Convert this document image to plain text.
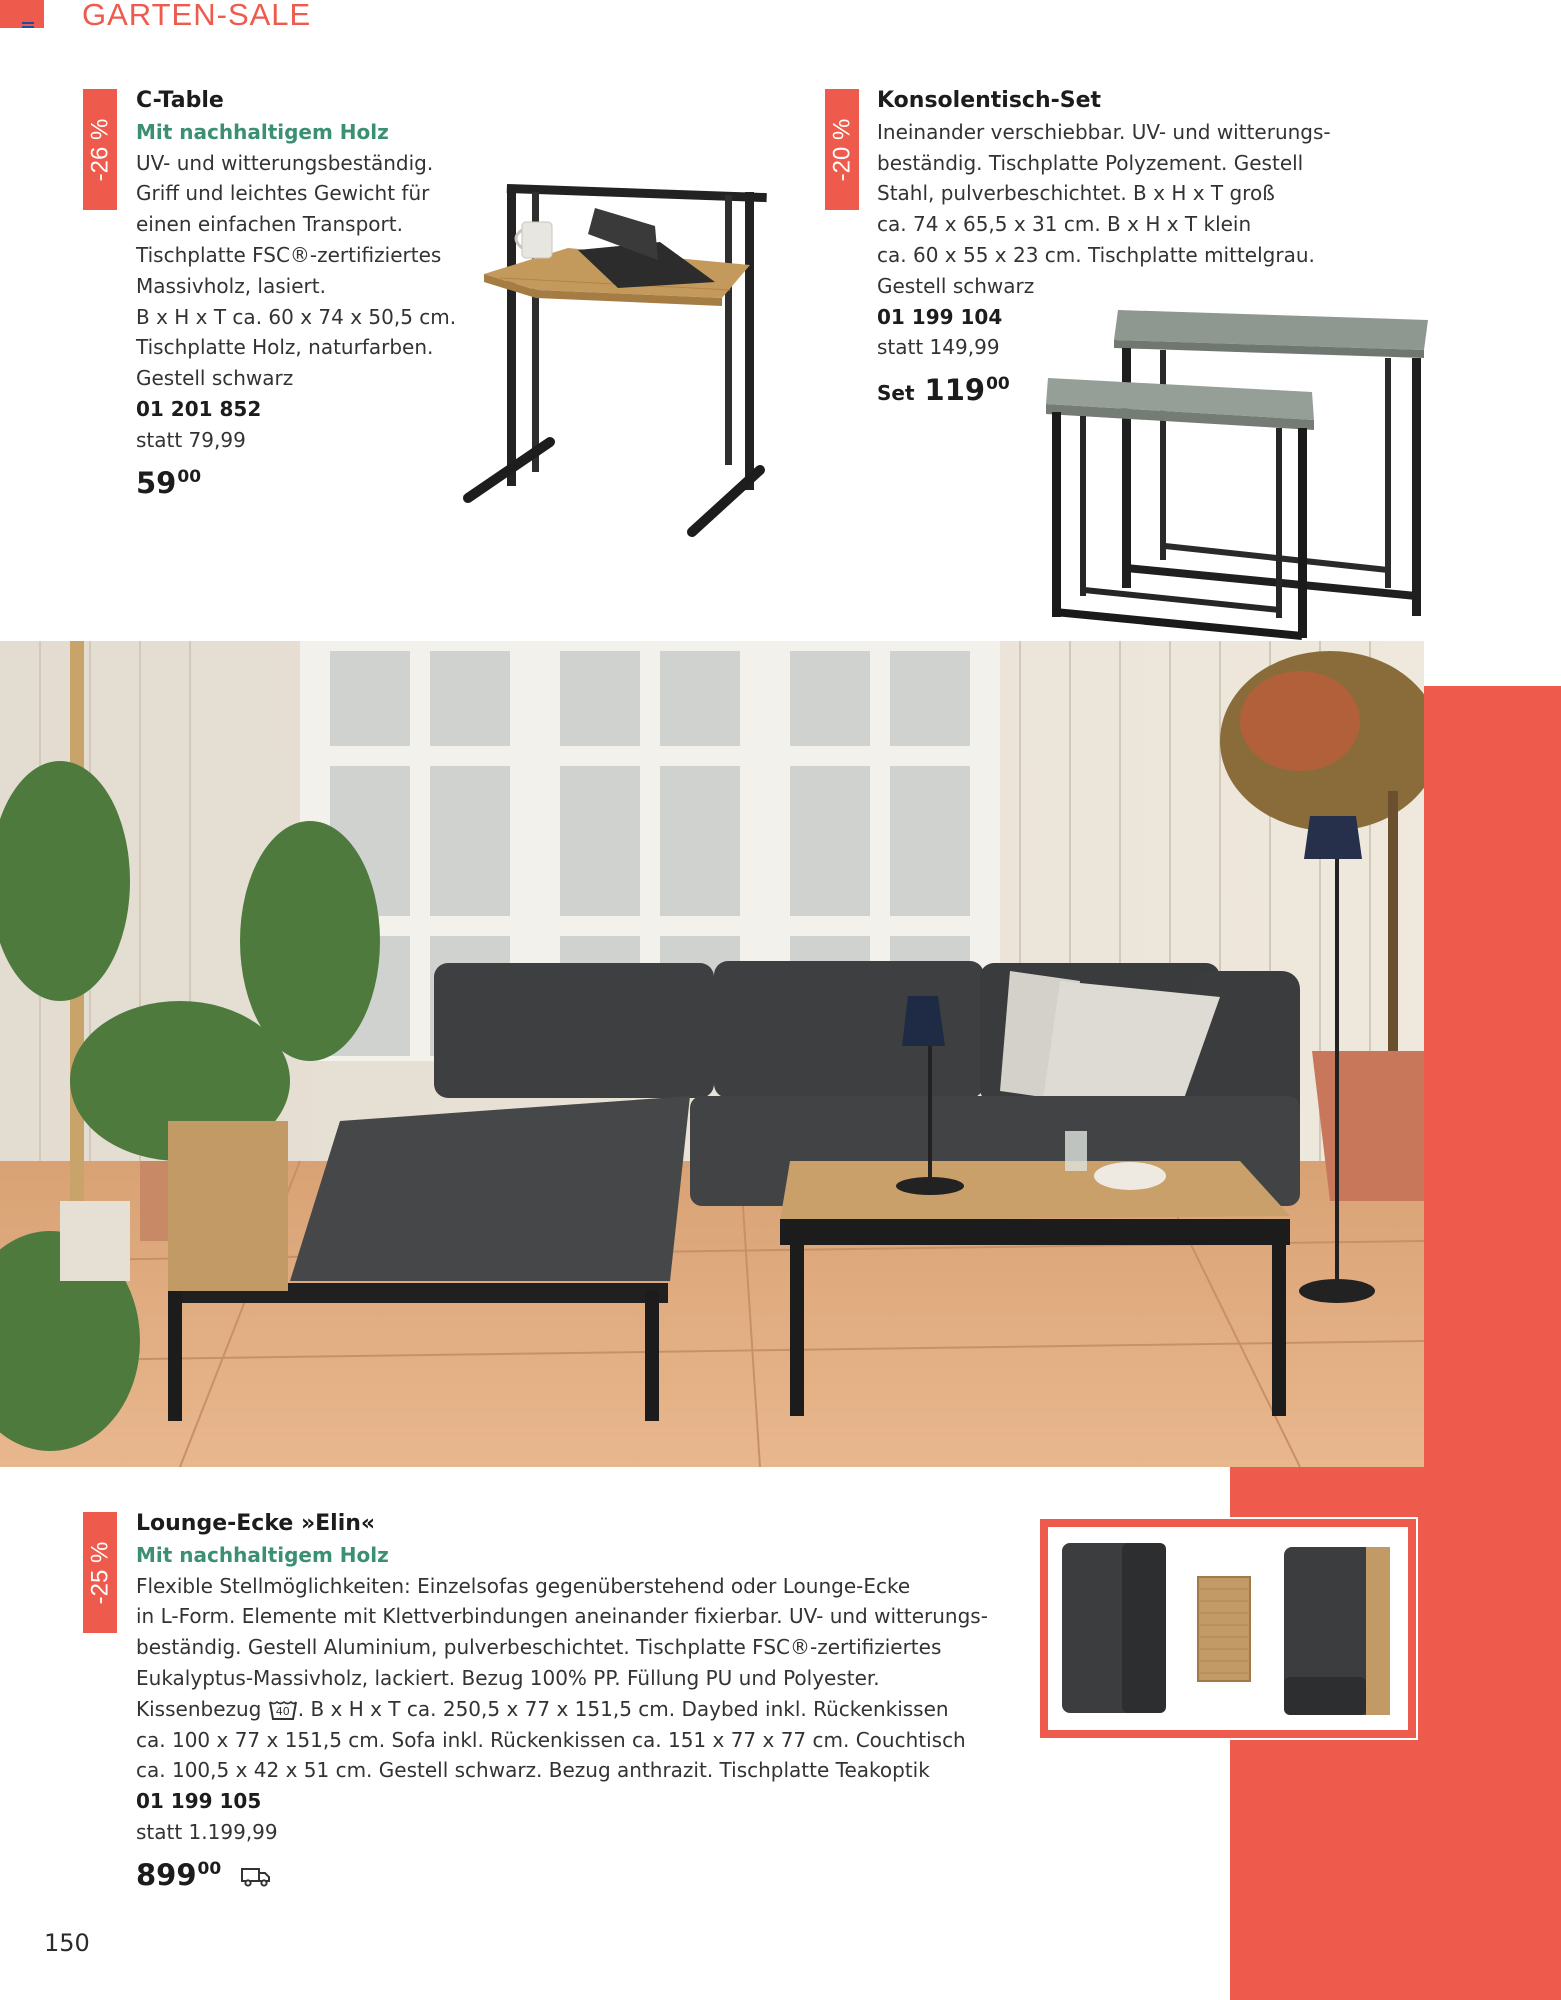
GARTEN-SALE
-26 %
C-Table
Mit nachhaltigem Holz
UV- und witterungsbeständig.
Griff und leichtes Gewicht für
einen einfachen Transport.
Tischplatte FSC®-zertifiziertes
Massivholz, lasiert.
B x H x T ca. 60 x 74 x 50,5 cm.
Tischplatte Holz, naturfarben.
Gestell schwarz
01 201 852
statt 79,99
$59^{00}$
-20 %
Konsolentisch-Set
Ineinander verschiebbar. UV- und witterungs-
beständig. Tischplatte Polyzement. Gestell
Stahl, pulverbeschichtet. B x H x T groß
ca. 74 x 65,5 x 31 cm. B x H x T klein
ca. 60 x 55 x 23 cm. Tischplatte mittelgrau.
Gestell schwarz
01 199 104
statt 149,99
Set $119^{00}$
-25 %
Lounge-Ecke »Elin«
Mit nachhaltigem Holz
Flexible Stellmöglichkeiten: Einzelsofas gegenüberstehend oder Lounge-Ecke
in L-Form. Elemente mit Klettverbindungen aneinander fixierbar. UV- und witterungs-
beständig. Gestell Aluminium, pulverbeschichtet. Tischplatte FSC®-zertifiziertes
Eukalyptus-Massivholz, lackiert. Bezug 100% PP. Füllung PU und Polyester.
Kissenbezug 40 . B x H x T ca. 250,5 x 77 x 151,5 cm. Daybed inkl. Rückenkissen
ca. 100 x 77 x 151,5 cm. Sofa inkl. Rückenkissen ca. 151 x 77 x 77 cm. Couchtisch
ca. 100,5 x 42 x 51 cm. Gestell schwarz. Bezug anthrazit. Tischplatte Teakoptik
01 199 105
statt 1.199,99
$899^{00}$
150
